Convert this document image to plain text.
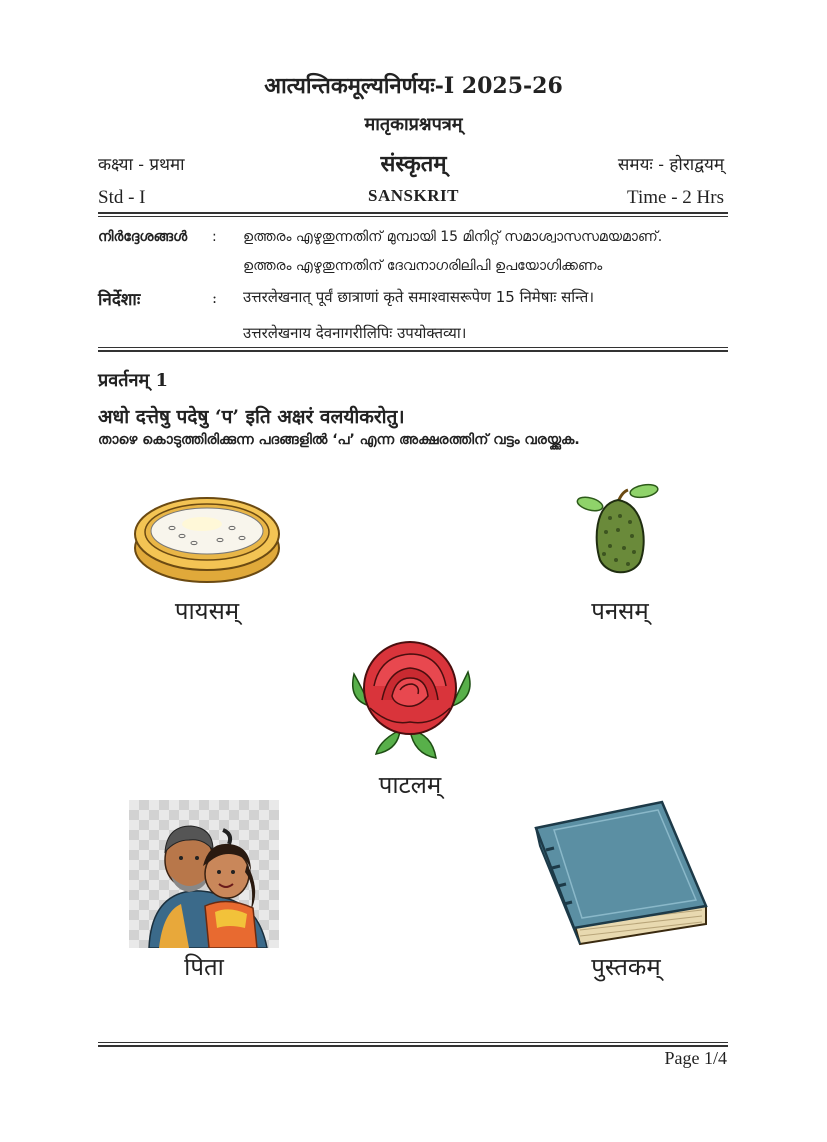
आत्यन्तिकमूल्यनिर्णयः-I 2025-26
मातृकाप्रश्नपत्रम्
कक्ष्या - प्रथमा	संस्कृतम्	समयः - होराद्वयम्
Std - I	SANSKRIT	Time - 2 Hrs
നിർദ്ദേശങ്ങൾ : ഉത്തരം എഴുതുന്നതിന് മുമ്പായി 15 മിനിറ്റ് സമാശ്വാസസമയമാണ്.
ഉത്തരം എഴുതുന്നതിന് ദേവനാഗരിലിപി ഉപയോഗിക്കണം
निर्देशाः	: उत्तरलेखनात् पूर्वं छात्राणां कृते समाश्वासरूपेण 15 निमेषाः सन्ति।
उत्तरलेखनाय देवनागरीलिपिः उपयोक्तव्या।
प्रवर्तनम् 1
अधो दत्तेषु पदेषु ‘प’ इति अक्षरं वलयीकरोतु।
താഴെ കൊടുത്തിരിക്കുന്ന പദങ്ങളിൽ ‘പ’ എന്ന അക്ഷരത്തിന് വട്ടം വരയ്ക്കുക.
पायसम्	पनसम्
पाटलम्
पिता	पुस्तकम्
Page 1/4
